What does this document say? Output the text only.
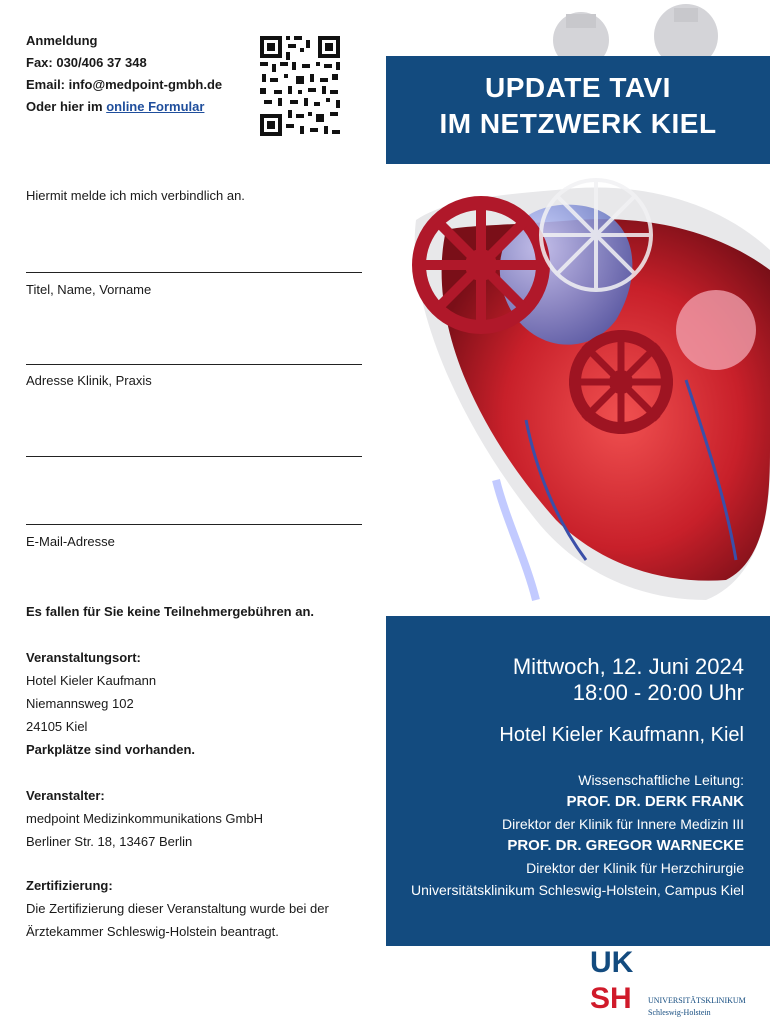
Anmeldung
Fax: 030/406 37 348
Email: info@medpoint-gmbh.de
Oder hier im online Formular
Hiermit melde ich mich verbindlich an.
Titel, Name, Vorname
Adresse Klinik, Praxis
E-Mail-Adresse
Es fallen für Sie keine Teilnehmergebühren an.
Veranstaltungsort:
Hotel Kieler Kaufmann
Niemannsweg 102
24105 Kiel
Parkplätze sind vorhanden.
Veranstalter:
medpoint Medizinkommunikations GmbH
Berliner Str. 18, 13467 Berlin
Zertifizierung:
Die Zertifizierung dieser Veranstaltung wurde bei der
Ärztekammer Schleswig-Holstein beantragt.
UPDATE TAVI
IM NETZWERK KIEL
Mittwoch, 12. Juni 2024
18:00 - 20:00 Uhr
Hotel Kieler Kaufmann, Kiel
Wissenschaftliche Leitung:
PROF. DR. DERK FRANK
Direktor der Klinik für Innere Medizin III
PROF. DR. GREGOR WARNECKE
Direktor der Klinik für Herzchirurgie
Universitätsklinikum Schleswig-Holstein, Campus Kiel
UK
SH UNIVERSITÄTSKLINIKUM
Schleswig-Holstein
